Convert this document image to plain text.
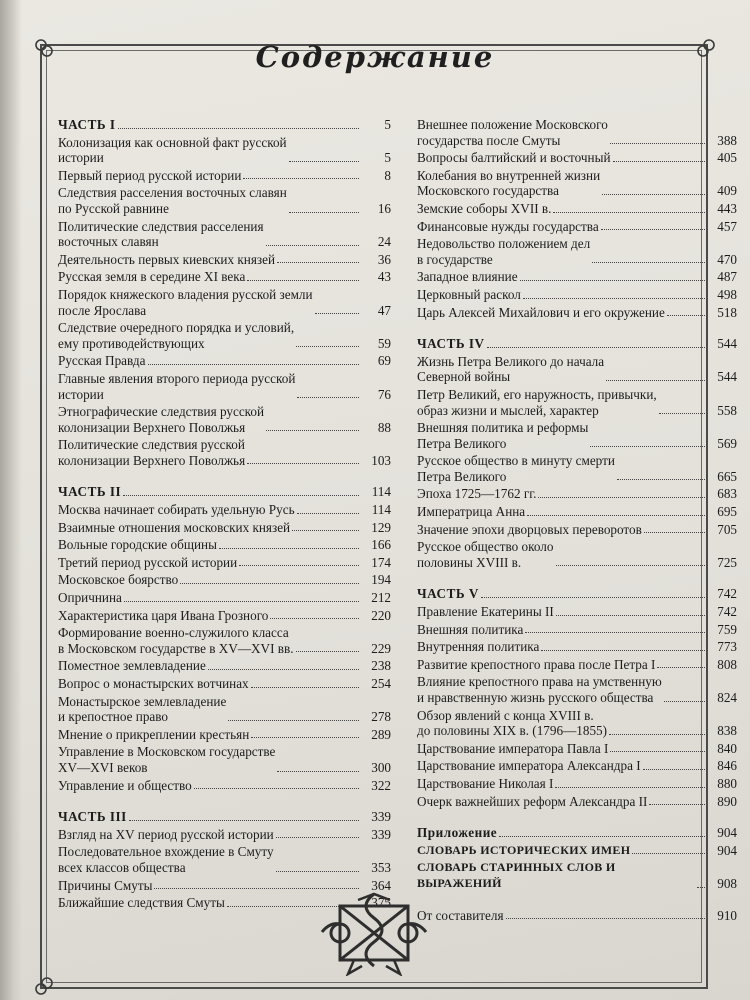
Содержание
ЧАСТЬ I	5
Колонизация как основной факт русской
истории	5
Первый период русской истории	8
Следствия расселения восточных славян
по Русской равнине	16
Политические следствия расселения
восточных славян	24
Деятельность первых киевских князей	36
Русская земля в середине XI века	43
Порядок княжеского владения русской земли
после Ярослава	47
Следствие очередного порядка и условий,
ему противодействующих	59
Русская Правда	69
Главные явления второго периода русской
истории	76
Этнографические следствия русской
колонизации Верхнего Поволжья	88
Политические следствия русской
колонизации Верхнего Поволжья	103
ЧАСТЬ II	114
Москва начинает собирать удельную Русь	114
Взаимные отношения московских князей	129
Вольные городские общины	166
Третий период русской истории	174
Московское боярство	194
Опричнина	212
Характеристика царя Ивана Грозного	220
Формирование военно-служилого класса
в Московском государстве в XV—XVI вв.	229
Поместное землевладение	238
Вопрос о монастырских вотчинах	254
Монастырское землевладение
и крепостное право	278
Мнение о прикреплении крестьян	289
Управление в Московском государстве
XV—XVI веков	300
Управление и общество	322
ЧАСТЬ III	339
Взгляд на XV период русской истории	339
Последовательное вхождение в Смуту
всех классов общества	353
Причины Смуты	364
Ближайшие следствия Смуты	375
Внешнее положение Московского
государства после Смуты	388
Вопросы балтийский и восточный	405
Колебания во внутренней жизни
Московского государства	409
Земские соборы XVII в.	443
Финансовые нужды государства	457
Недовольство положением дел
в государстве	470
Западное влияние	487
Церковный раскол	498
Царь Алексей Михайлович и его окружение	518
ЧАСТЬ IV	544
Жизнь Петра Великого до начала
Северной войны	544
Петр Великий, его наружность, привычки,
образ жизни и мыслей, характер	558
Внешняя политика и реформы
Петра Великого	569
Русское общество в минуту смерти
Петра Великого	665
Эпоха 1725—1762 гг.	683
Императрица Анна	695
Значение эпохи дворцовых переворотов	705
Русское общество около
половины XVIII в.	725
ЧАСТЬ V	742
Правление Екатерины II	742
Внешняя политика	759
Внутренняя политика	773
Развитие крепостного права после Петра I	808
Влияние крепостного права на умственную
и нравственную жизнь русского общества	824
Обзор явлений с конца XVIII в.
до половины XIX в. (1796—1855)	838
Царствование императора Павла I	840
Царствование императора Александра I	846
Царствование Николая I	880
Очерк важнейших реформ Александра II	890
Приложение	904
СЛОВАРЬ ИСТОРИЧЕСКИХ ИМЕН	904
СЛОВАРЬ СТАРИННЫХ СЛОВ И ВЫРАЖЕНИЙ	908
От составителя	910
